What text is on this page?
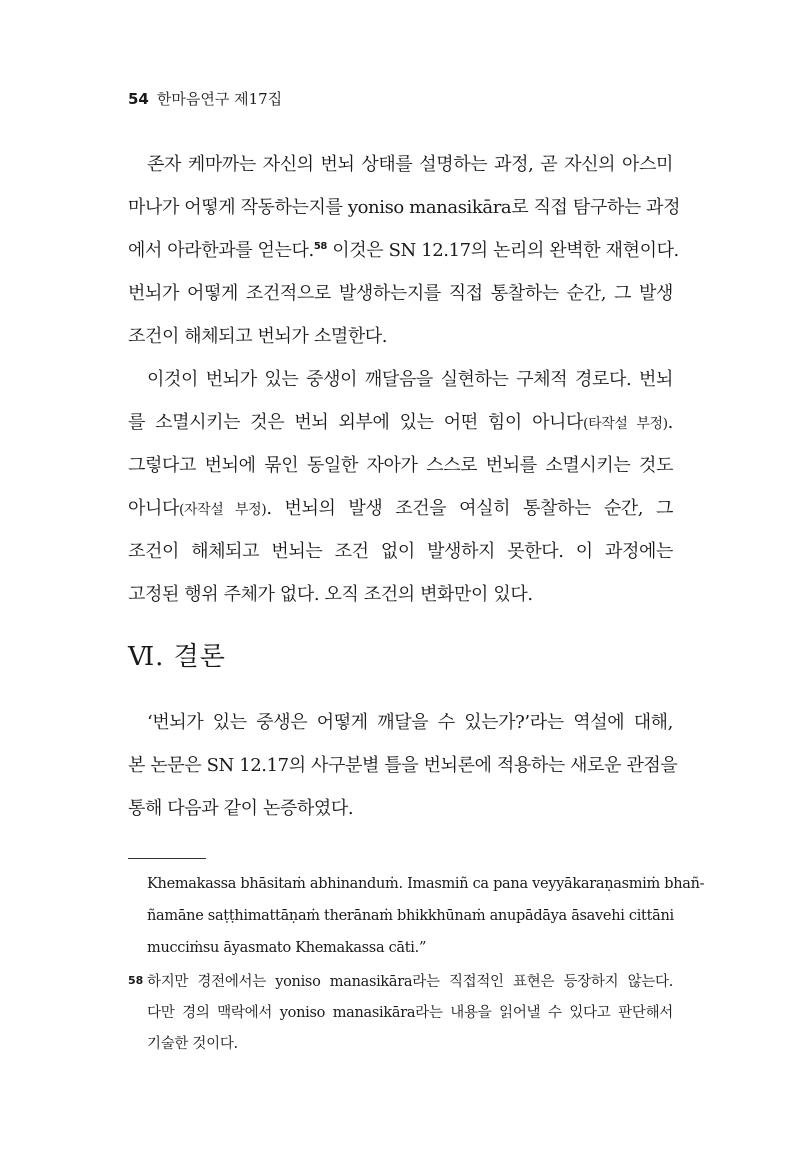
54 한마음연구 제17집
존자 케마까는 자신의 번뇌 상태를 설명하는 과정, 곧 자신의 아스미
마나가 어떻게 작동하는지를 yoniso manasikāra로 직접 탐구하는 과정
에서 아라한과를 얻는다.$^{58}$ 이것은 SN 12.17의 논리의 완벽한 재현이다.
번뇌가 어떻게 조건적으로 발생하는지를 직접 통찰하는 순간, 그 발생
조건이 해체되고 번뇌가 소멸한다.
이것이 번뇌가 있는 중생이 깨달음을 실현하는 구체적 경로다. 번뇌
를 소멸시키는 것은 번뇌 외부에 있는 어떤 힘이 아니다(타작설 부정).
그렇다고 번뇌에 묶인 동일한 자아가 스스로 번뇌를 소멸시키는 것도
아니다(자작설 부정). 번뇌의 발생 조건을 여실히 통찰하는 순간, 그
조건이 해체되고 번뇌는 조건 없이 발생하지 못한다. 이 과정에는
고정된 행위 주체가 없다. 오직 조건의 변화만이 있다.
Ⅵ. 결론
‘번뇌가 있는 중생은 어떻게 깨달을 수 있는가?’라는 역설에 대해,
본 논문은 SN 12.17의 사구분별 틀을 번뇌론에 적용하는 새로운 관점을
통해 다음과 같이 논증하였다.
Khemakassa bhāsitaṁ abhinanduṁ. Imasmiñ ca pana veyyākaraṇasmiṁ bhañ-
ñamāne saṭṭhimattāṇaṁ therānaṁ bhikkhūnaṁ anupādāya āsavehi cittāni
mucciṁsu āyasmato Khemakassa cāti.”
58 하지만 경전에서는 yoniso manasikāra라는 직접적인 표현은 등장하지 않는다.
다만 경의 맥락에서 yoniso manasikāra라는 내용을 읽어낼 수 있다고 판단해서
기술한 것이다.
